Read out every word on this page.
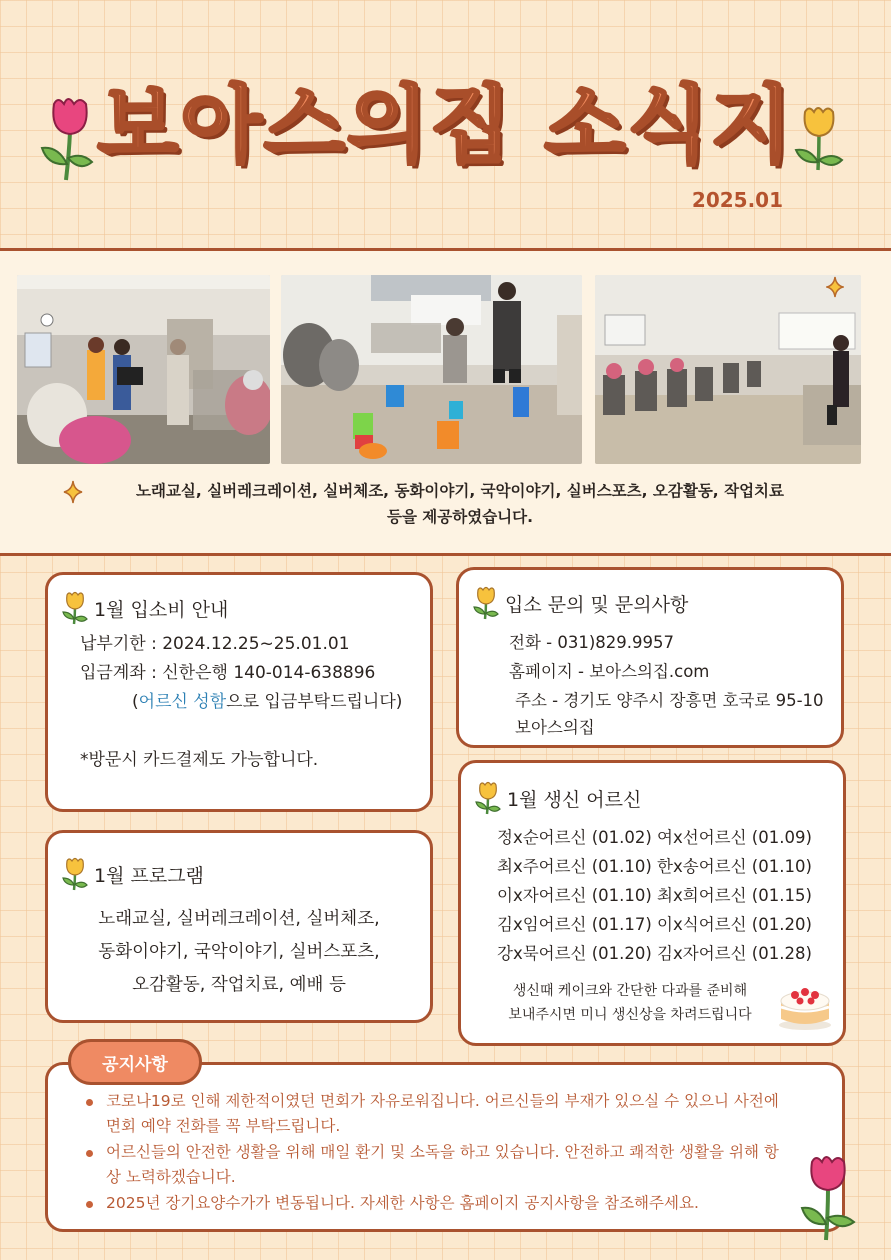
보아스의집 소식지
2025.01
노래교실, 실버레크레이션, 실버체조, 동화이야기, 국악이야기, 실버스포츠, 오감활동, 작업치료
등을 제공하였습니다.
1월 입소비 안내
납부기한 : 2024.12.25~25.01.01
입금계좌 : 신한은행 140-014-638896
(어르신 성함으로 입금부탁드립니다)
*방문시 카드결제도 가능합니다.
1월 프로그램
노래교실, 실버레크레이션, 실버체조,
동화이야기, 국악이야기, 실버스포츠,
오감활동, 작업치료, 예배 등
입소 문의 및 문의사항
전화 - 031)829.9957
홈페이지 - 보아스의집.com
주소 - 경기도 양주시 장흥면 호국로 95-10
보아스의집
1월 생신 어르신
정x순어르신 (01.02) 여x선어르신 (01.09)
최x주어르신 (01.10) 한x송어르신 (01.10)
이x자어르신 (01.10) 최x희어르신 (01.15)
김x임어르신 (01.17) 이x식어르신 (01.20)
강x묵어르신 (01.20) 김x자어르신 (01.28)
생신때 케이크와 간단한 다과를 준비해
보내주시면 미니 생신상을 차려드립니다
공지사항
코로나19로 인해 제한적이였던 면회가 자유로워집니다. 어르신들의 부재가 있으실 수 있으니 사전에 면회 예약 전화를 꼭 부탁드립니다.
어르신들의 안전한 생활을 위해 매일 환기 및 소독을 하고 있습니다. 안전하고 쾌적한 생활을 위해 항상 노력하겠습니다.
2025년 장기요양수가가 변동됩니다. 자세한 사항은 홈페이지 공지사항을 참조해주세요.
